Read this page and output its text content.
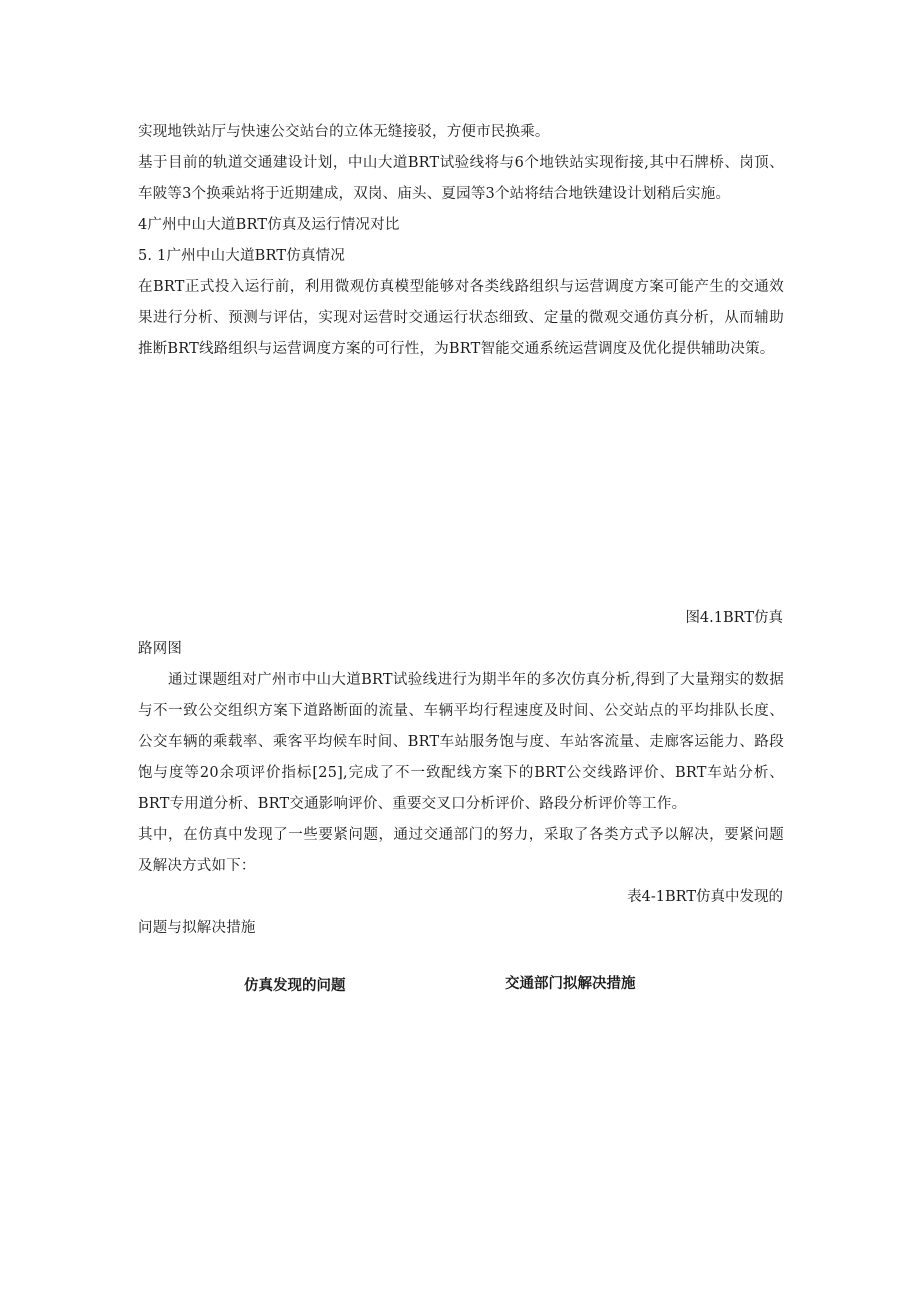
实现地铁站厅与快速公交站台的立体无缝接驳，方便市民换乘。

基于目前的轨道交通建设计划，中山大道BRT试验线将与6个地铁站实现衔接,其中石牌桥、岗顶、车陂等3个换乘站将于近期建成，双岗、庙头、夏园等3个站将结合地铁建设计划稍后实施。

4广州中山大道BRT仿真及运行情况对比

5. 1广州中山大道BRT仿真情况

在BRT正式投入运行前，利用微观仿真模型能够对各类线路组织与运营调度方案可能产生的交通效果进行分析、预测与评估，实现对运营时交通运行状态细致、定量的微观交通仿真分析，从而辅助推断BRT线路组织与运营调度方案的可行性，为BRT智能交通系统运营调度及优化提供辅助决策。

图4.1BRT仿真

路网图

通过课题组对广州市中山大道BRT试验线进行为期半年的多次仿真分析,得到了大量翔实的数据与不一致公交组织方案下道路断面的流量、车辆平均行程速度及时间、公交站点的平均排队长度、公交车辆的乘载率、乘客平均候车时间、BRT车站服务饱与度、车站客流量、走廊客运能力、路段饱与度等20余项评价指标[25],完成了不一致配线方案下的BRT公交线路评价、BRT车站分析、BRT专用道分析、BRT交通影响评价、重要交叉口分析评价、路段分析评价等工作。

其中，在仿真中发现了一些要紧问题，通过交通部门的努力，采取了各类方式予以解决，要紧问题及解决方式如下：

表4-1BRT仿真中发现的

问题与拟解决措施

仿真发现的问题	交通部门拟解决措施
